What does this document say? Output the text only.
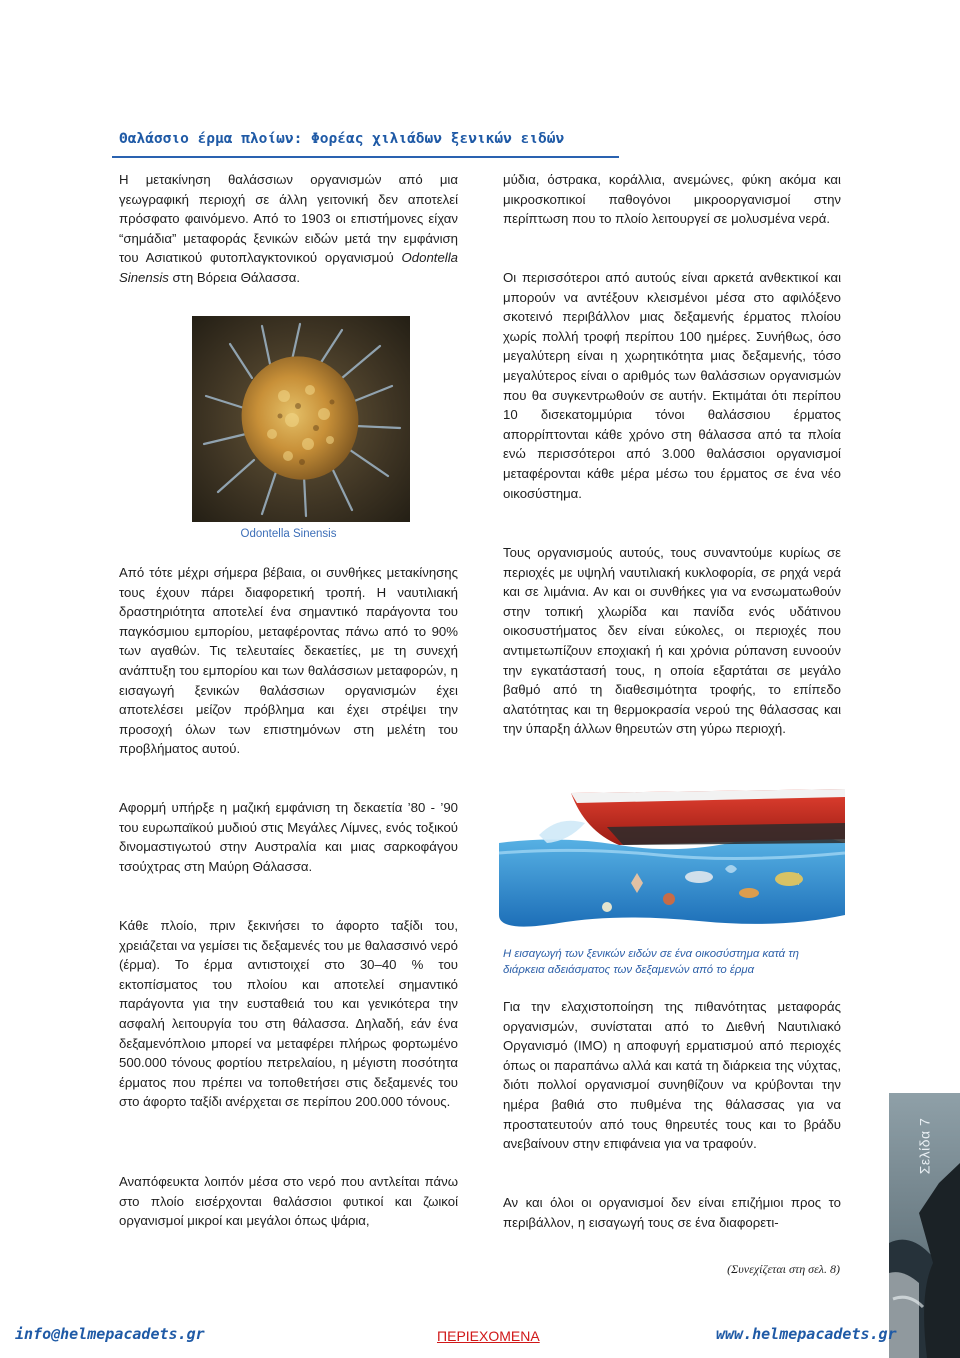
Θαλάσσιο έρμα πλοίων: Φορέας χιλιάδων ξενικών ειδών

Η μετακίνηση θαλάσσιων οργανισμών από μια γεωγραφική περιοχή σε άλλη γειτονική δεν αποτελεί πρόσφατο φαινόμενο. Από το 1903 οι επιστήμονες είχαν “σημάδια” μεταφοράς ξενικών ειδών μετά την εμφάνιση του Ασιατικού φυτοπλαγκτονικού οργανισμού Odontella Sinensis στη Βόρεια Θάλασσα.

Odontella Sinensis

Από τότε μέχρι σήμερα βέβαια, οι συνθήκες μετακίνησης τους έχουν πάρει διαφορετική τροπή. Η ναυτιλιακή δραστηριότητα αποτελεί ένα σημαντικό παράγοντα του παγκόσμιου εμπορίου, μεταφέροντας πάνω από το 90% των αγαθών. Τις τελευταίες δεκαετίες, με τη συνεχή ανάπτυξη του εμπορίου και των θαλάσσιων μεταφορών, η εισαγωγή ξενικών θαλάσσιων οργανισμών έχει αποτελέσει μείζον πρόβλημα και έχει στρέψει την προσοχή όλων των επιστημόνων στη μελέτη του προβλήματος αυτού.

Αφορμή υπήρξε η μαζική εμφάνιση τη δεκαετία ’80 - ’90 του ευρωπαϊκού μυδιού στις Μεγάλες Λίμνες, ενός τοξικού δινομαστιγωτού στην Αυστραλία και μιας σαρκοφάγου τσούχτρας στη Μαύρη Θάλασσα.

Κάθε πλοίο, πριν ξεκινήσει το άφορτο ταξίδι του, χρειάζεται να γεμίσει τις δεξαμενές του με θαλασσινό νερό (έρμα). Το έρμα αντιστοιχεί στο 30–40 % του εκτοπίσματος του πλοίου και αποτελεί σημαντικό παράγοντα για την ευσταθειά του και γενικότερα την ασφαλή λειτουργία του στη θάλασσα. Δηλαδή, εάν ένα δεξαμενόπλοιο μπορεί να μεταφέρει πλήρως φορτωμένο 500.000 τόνους φορτίου πετρελαίου, η μέγιστη ποσότητα έρματος που πρέπει να τοποθετήσει στις δεξαμενές του στο άφορτο ταξίδι ανέρχεται σε περίπου 200.000 τόνους.

Αναπόφευκτα λοιπόν μέσα στο νερό που αντλείται πάνω στο πλοίο εισέρχονται θαλάσσιοι φυτικοί και ζωικοί οργανισμοί μικροί και μεγάλοι όπως ψάρια,

μύδια, όστρακα, κοράλλια, ανεμώνες, φύκη ακόμα και μικροσκοπικοί παθογόνοι μικροοργανισμοί στην περίπτωση που το πλοίο λειτουργεί σε μολυσμένα νερά.

Οι περισσότεροι από αυτούς είναι αρκετά ανθεκτικοί και μπορούν να αντέξουν κλεισμένοι μέσα στο αφιλόξενο σκοτεινό περιβάλλον μιας δεξαμενής έρματος πλοίου χωρίς πολλή τροφή περίπου 100 ημέρες. Συνήθως, όσο μεγαλύτερη είναι η χωρητικότητα μιας δεξαμενής, τόσο μεγαλύτερος είναι ο αριθμός των θαλάσσιων οργανισμών που θα συγκεντρωθούν σε αυτήν. Εκτιμάται ότι περίπου 10 δισεκατομμύρια τόνοι θαλάσσιου έρματος απορρίπτονται κάθε χρόνο στη θάλασσα από τα πλοία ενώ περισσότεροι από 3.000 θαλάσσιοι οργανισμοί μεταφέρονται κάθε μέρα μέσω του έρματος σε ένα νέο οικοσύστημα.

Τους οργανισμούς αυτούς, τους συναντούμε κυρίως σε περιοχές με υψηλή ναυτιλιακή κυκλοφορία, σε ρηχά νερά και σε λιμάνια. Αν και οι συνθήκες για να ενσωματωθούν στην τοπική χλωρίδα και πανίδα ενός υδάτινου οικοσυστήματος δεν είναι εύκολες, οι περιοχές που αντιμετωπίζουν εποχιακή ή και χρόνια ρύπανση ευνοούν την εγκατάστασή τους, η οποία εξαρτάται σε μεγάλο βαθμό από τη διαθεσιμότητα τροφής, το επίπεδο αλατότητας και τη θερμοκρασία νερού της θάλασσας και την ύπαρξη άλλων θηρευτών στη γύρω περιοχή.

Η εισαγωγή των ξενικών ειδών σε ένα οικοσύστημα κατά τη διάρκεια αδειάσματος των δεξαμενών από το έρμα

Για την ελαχιστοποίηση της πιθανότητας μεταφοράς οργανισμών, συνίσταται από το Διεθνή Ναυτιλιακό Οργανισμό (IMO) η αποφυγή ερματισμού από περιοχές όπως οι παραπάνω αλλά και κατά τη διάρκεια της νύχτας, διότι πολλοί οργανισμοί συνηθίζουν να κρύβονται την ημέρα βαθιά στο πυθμένα της θάλασσας για να προστατευτούν από τους θηρευτές τους και το βράδυ ανεβαίνουν στην επιφάνεια για να τραφούν.

Αν και όλοι οι οργανισμοί δεν είναι επιζήμιοι προς το περιβάλλον, η εισαγωγή τους σε ένα διαφορετι-

(Συνεχίζεται στη σελ. 8)
Σελίδα 7
info@helmepacadets.gr	ΠΕΡΙΕΧΟΜΕΝΑ	www.helmepacadets.gr
